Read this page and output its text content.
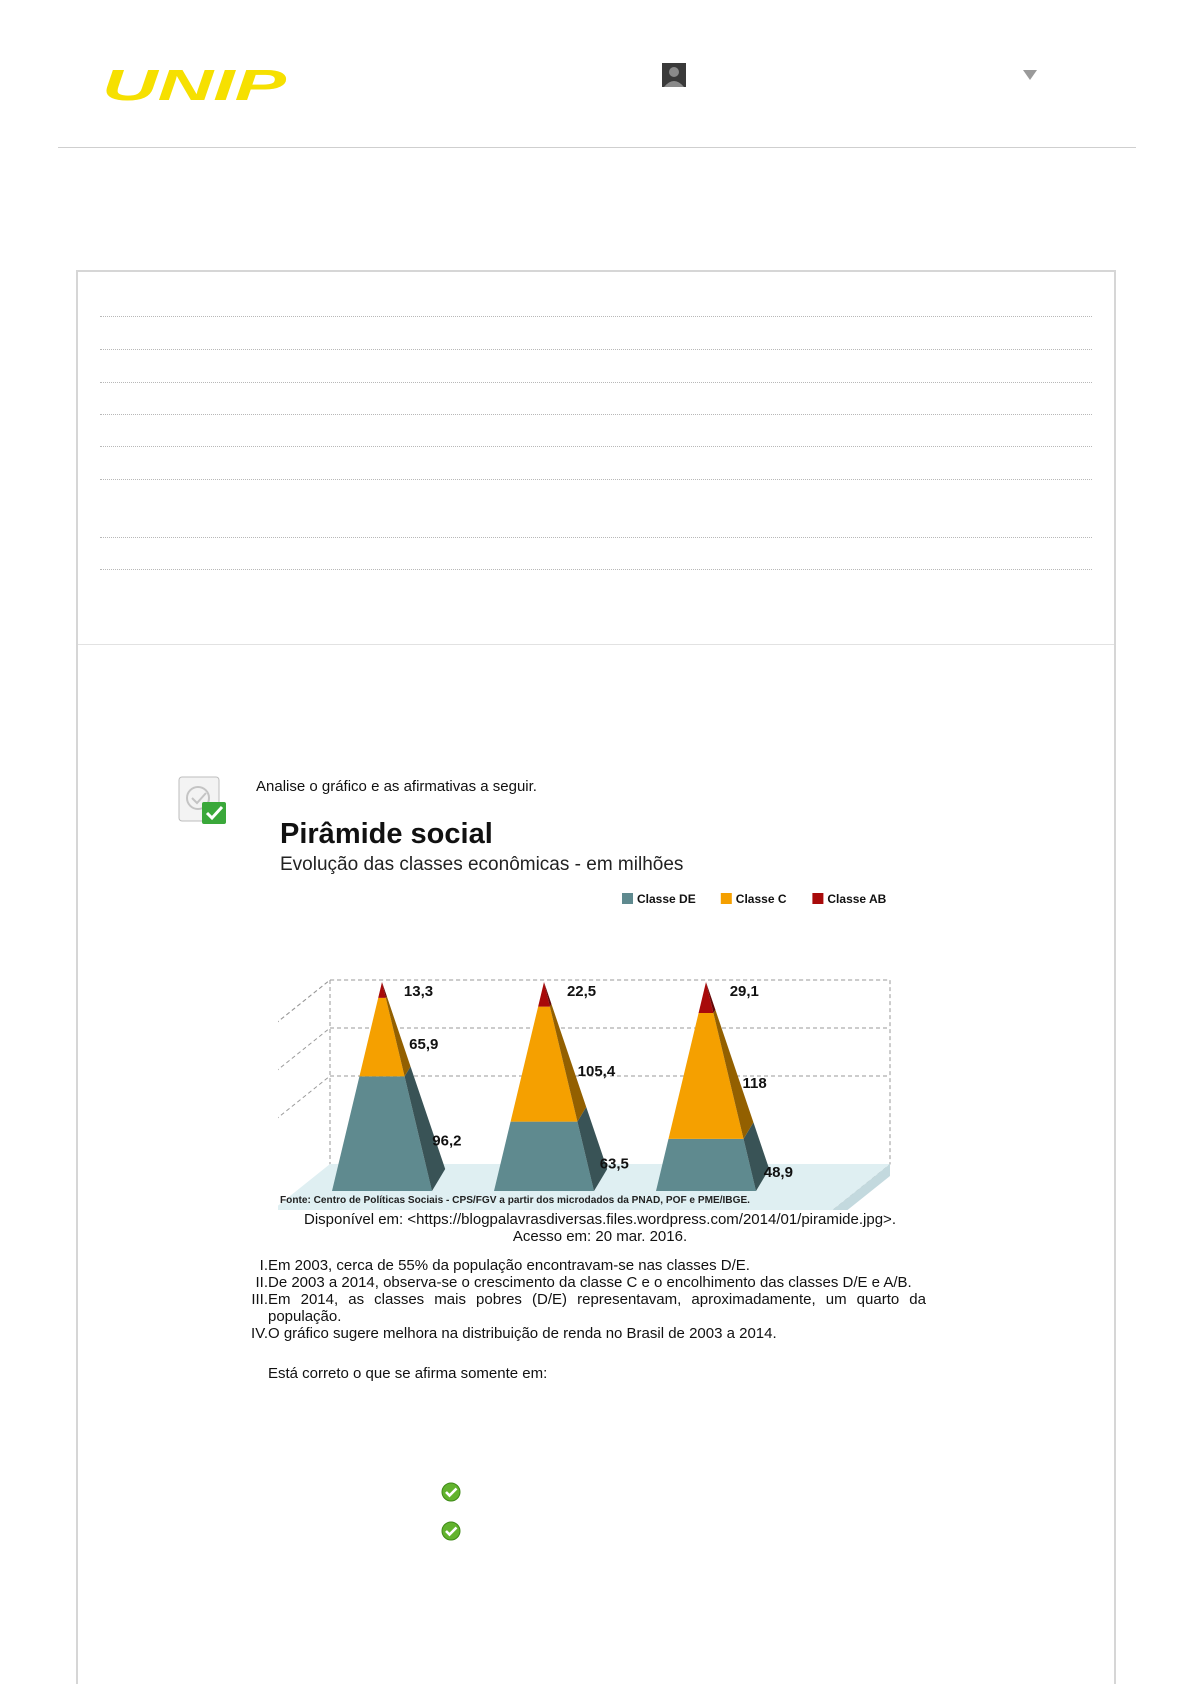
UNIP
Analise o gráfico e as afirmativas a seguir.
Pirâmide social
Evolução das classes econômicas - em milhões
Classe DE	Classe C	Classe AB
96,2
65,9
13,3
63,5
105,4
22,5
48,9
118
29,1
Fonte: Centro de Políticas Sociais - CPS/FGV a partir dos microdados da PNAD, POF e PME/IBGE.
Disponível em: <https://blogpalavrasdiversas.files.wordpress.com/2014/01/piramide.jpg>.
Acesso em: 20 mar. 2016.
I. Em 2003, cerca de 55% da população encontravam-se nas classes D/E.
II. De 2003 a 2014, observa-se o crescimento da classe C e o encolhimento das classes D/E e A/B.
III. Em 2014, as classes mais pobres (D/E) representavam, aproximadamente, um quarto da população.
IV. O gráfico sugere melhora na distribuição de renda no Brasil de 2003 a 2014.
Está correto o que se afirma somente em:
